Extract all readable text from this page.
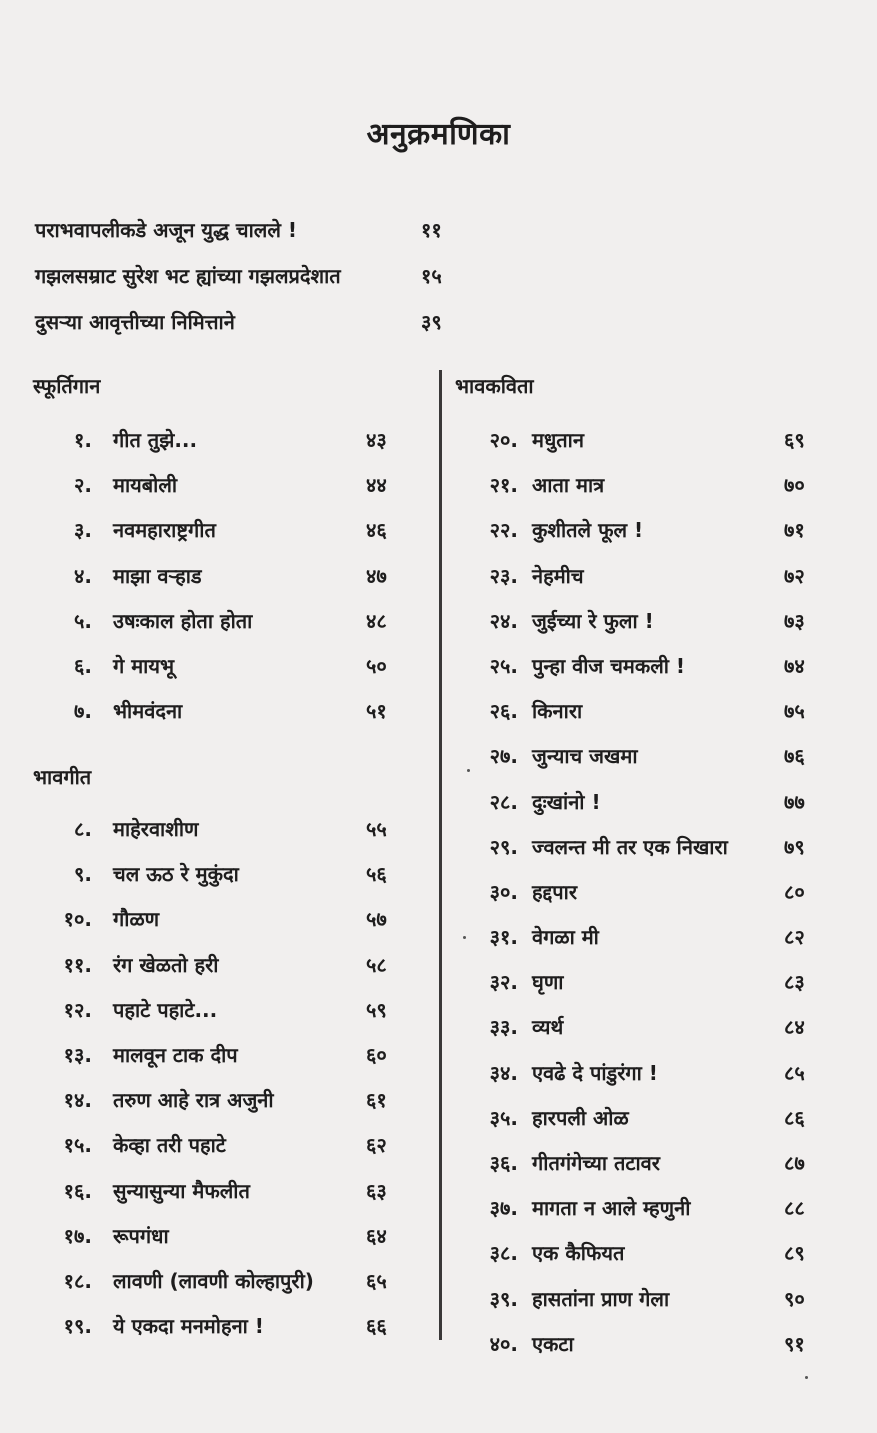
अनुक्रमणिका
पराभवापलीकडे अजून युद्ध चालले !	११
गझलसम्राट सुरेश भट ह्यांच्या गझलप्रदेशात	१५
दुसऱ्या आवृत्तीच्या निमित्ताने	३९
स्फूर्तिगान
१. गीत तुझे...	४३
२. मायबोली	४४
३. नवमहाराष्ट्रगीत	४६
४. माझा वऱ्हाड	४७
५. उषःकाल होता होता	४८
६. गे मायभू	५०
७. भीमवंदना	५१
भावगीत
८. माहेरवाशीण	५५
९. चल ऊठ रे मुकुंदा	५६
१०. गौळण	५७
११. रंग खेळतो हरी	५८
१२. पहाटे पहाटे...	५९
१३. मालवून टाक दीप	६०
१४. तरुण आहे रात्र अजुनी	६१
१५. केव्हा तरी पहाटे	६२
१६. सुन्यासुन्या मैफलीत	६३
१७. रूपगंधा	६४
१८. लावणी (लावणी कोल्हापुरी)	६५
१९. ये एकदा मनमोहना !	६६
भावकविता
२०. मधुतान	६९
२१. आता मात्र	७०
२२. कुशीतले फूल !	७१
२३. नेहमीच	७२
२४. जुईच्या रे फुला !	७३
२५. पुन्हा वीज चमकली !	७४
२६. किनारा	७५
२७. जुन्याच जखमा	७६
२८. दुःखांनो !	७७
२९. ज्वलन्त मी तर एक निखारा	७९
३०. हद्दपार	८०
३१. वेगळा मी	८२
३२. घृणा	८३
३३. व्यर्थ	८४
३४. एवढे दे पांडुरंगा !	८५
३५. हारपली ओळ	८६
३६. गीतगंगेच्या तटावर	८७
३७. मागता न आले म्हणुनी	८८
३८. एक कैफियत	८९
३९. हासतांना प्राण गेला	९०
४०. एकटा	९१
